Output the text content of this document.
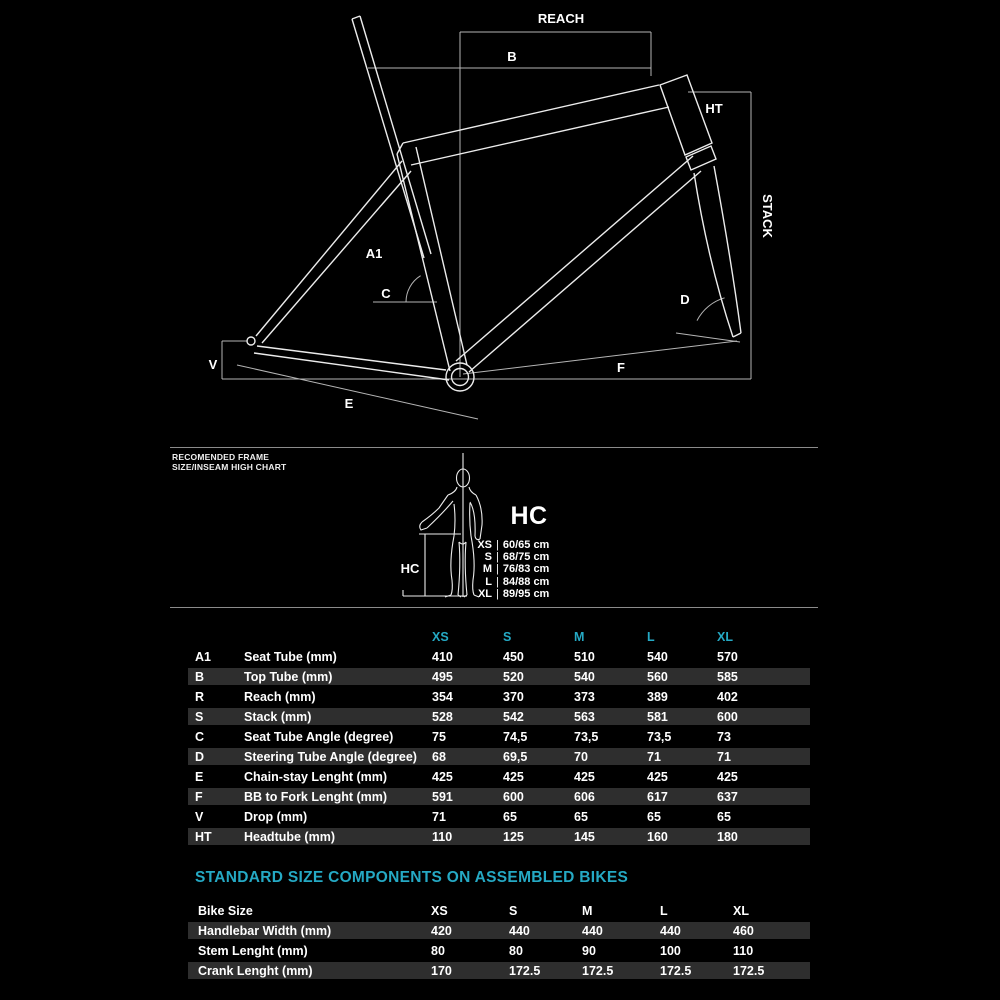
REACH
B
HT
STACK
A1
C	D
E
F
V
RECOMENDED FRAME
SIZE/INSEAM HIGH CHART
HC
HC
XS | 60/65 cm
S | 68/75 cm
M | 76/83 cm
L | 84/88 cm
XL | 89/95 cm
XS	S	M	L	XL
A1	Seat Tube (mm)	410	450	510	540	570
B	Top Tube (mm)	495	520	540	560	585
R	Reach (mm)	354	370	373	389	402
S	Stack (mm)	528	542	563	581	600
C	Seat Tube Angle (degree)	75	74,5	73,5	73,5	73
D	Steering Tube Angle (degree)	68	69,5	70	71	71
E	Chain-stay Lenght (mm)	425	425	425	425	425
F	BB to Fork Lenght (mm)	591	600	606	617	637
V	Drop (mm)	71	65	65	65	65
HT	Headtube (mm)	110	125	145	160	180
STANDARD SIZE COMPONENTS ON ASSEMBLED BIKES
Bike Size	XS	S	M	L	XL
Handlebar Width (mm)	420	440	440	440	460
Stem Lenght (mm)	80	80	90	100	110
Crank Lenght (mm)	170	172.5	172.5	172.5	172.5
